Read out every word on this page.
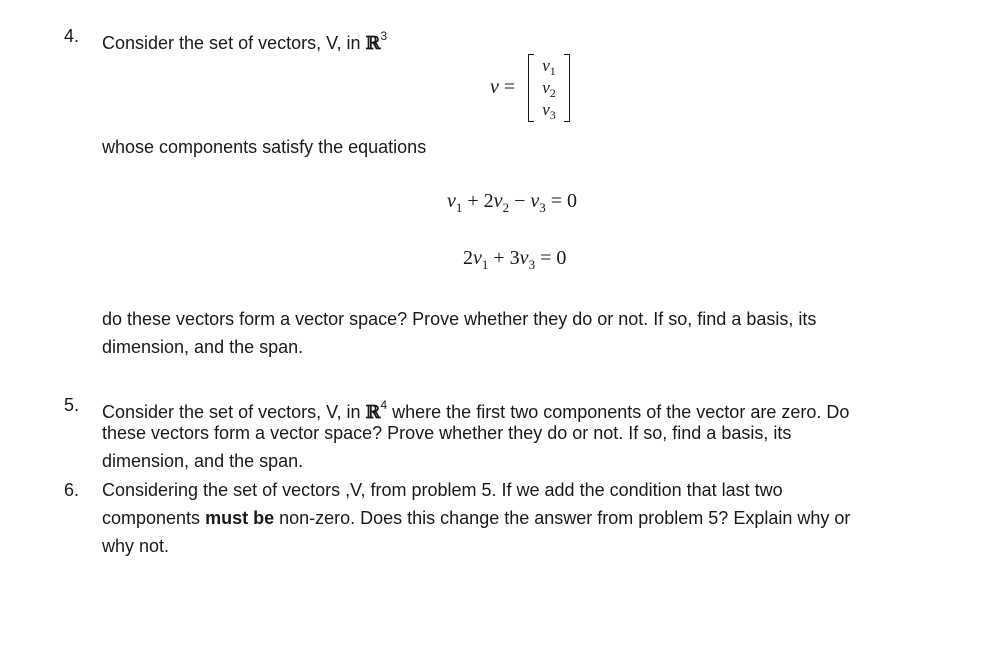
4. Consider the set of vectors, V, in ℝ$^3$
v =
$v_1$
$v_2$
$v_3$
whose components satisfy the equations
$v_1 + 2v_2 - v_3 = 0$
$2v_1 + 3v_3 = 0$
do these vectors form a vector space? Prove whether they do or not. If so, find a basis, its
dimension, and the span.
5. Consider the set of vectors, V, in ℝ$^4$ where the first two components of the vector are zero. Do
these vectors form a vector space? Prove whether they do or not. If so, find a basis, its
dimension, and the span.
6. Considering the set of vectors ,V, from problem 5. If we add the condition that last two
components must be non-zero. Does this change the answer from problem 5? Explain why or
why not.
